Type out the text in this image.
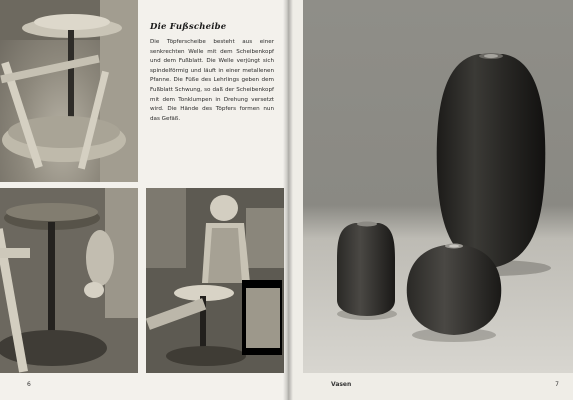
Die Fußscheibe

Die Töpferscheibe besteht aus einer senkrechten Welle mit dem Scheibenkopf und dem Fußblatt. Die Welle verjüngt sich spindelförmig und läuft in einer metallenen Pfanne. Die Füße des Lehrlings geben dem Fußblatt Schwung, so daß der Scheibenkopf mit dem Tonklumpen in Drehung versetzt wird. Die Hände des Töpfers formen nun das Gefäß.

6	Vasen	7
